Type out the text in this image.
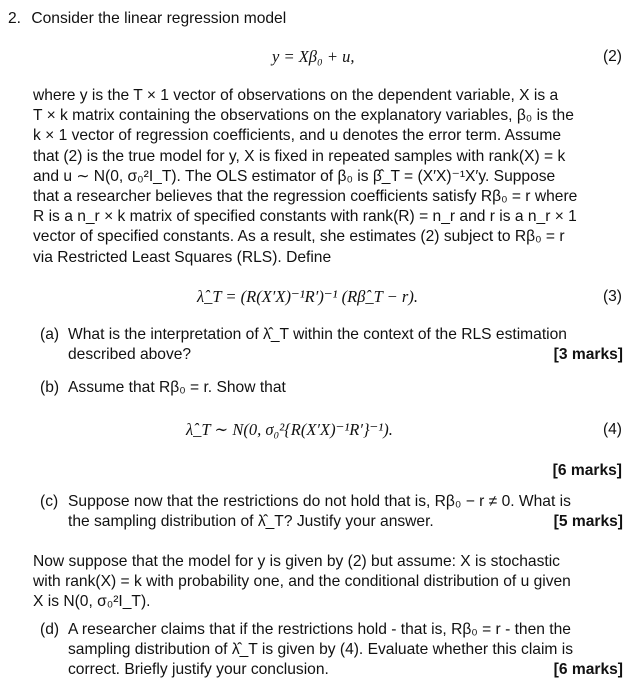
2. Consider the linear regression model
y = Xβ₀ + u,	(2)
where y is the T × 1 vector of observations on the dependent variable, X is a
T × k matrix containing the observations on the explanatory variables, β₀ is the
k × 1 vector of regression coefficients, and u denotes the error term. Assume
that (2) is the true model for y, X is fixed in repeated samples with rank(X) = k
and u ∼ N(0, σ₀²I_T). The OLS estimator of β₀ is β̂_T = (X′X)⁻¹X′y. Suppose
that a researcher believes that the regression coefficients satisfy Rβ₀ = r where
R is a n_r × k matrix of specified constants with rank(R) = n_r and r is a n_r × 1
vector of specified constants. As a result, she estimates (2) subject to Rβ₀ = r
via Restricted Least Squares (RLS). Define
λ̂_T = (R(X′X)⁻¹R′)⁻¹ (Rβ̂_T − r).	(3)
(a) What is the interpretation of λ̂_T within the context of the RLS estimation
described above?	[3 marks]
(b) Assume that Rβ₀ = r. Show that
λ̂_T ∼ N(0, σ₀²{R(X′X)⁻¹R′}⁻¹).	(4)
[6 marks]
(c) Suppose now that the restrictions do not hold that is, Rβ₀ − r ≠ 0. What is
the sampling distribution of λ̂_T? Justify your answer.	[5 marks]
Now suppose that the model for y is given by (2) but assume: X is stochastic
with rank(X) = k with probability one, and the conditional distribution of u given
X is N(0, σ₀²I_T).
(d) A researcher claims that if the restrictions hold - that is, Rβ₀ = r - then the
sampling distribution of λ̂_T is given by (4). Evaluate whether this claim is
correct. Briefly justify your conclusion.	[6 marks]
